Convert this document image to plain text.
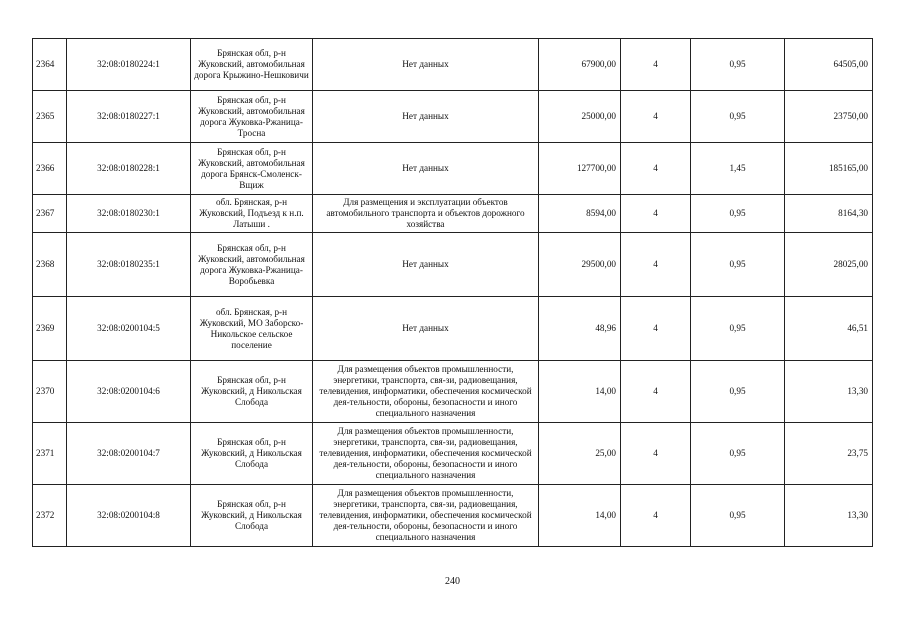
2364	32:08:0180224:1	Брянская обл, р-н Жуковский, автомобильная дорога Крыжино-Нешковичи	Нет данных	67900,00	4	0,95	64505,00
2365	32:08:0180227:1	Брянская обл, р-н Жуковский, автомобильная дорога Жуковка-Ржаница-Тросна	Нет данных	25000,00	4	0,95	23750,00
2366	32:08:0180228:1	Брянская обл, р-н Жуковский, автомобильная дорога Брянск-Смоленск-Вщиж	Нет данных	127700,00	4	1,45	185165,00
2367	32:08:0180230:1	обл. Брянская, р-н Жуковский, Подъезд к н.п. Латыши .	Для размещения и эксплуатации объектов автомобильного транспорта и объектов дорожного хозяйства	8594,00	4	0,95	8164,30
2368	32:08:0180235:1	Брянская обл, р-н Жуковский, автомобильная дорога Жуковка-Ржаница-Воробьевка	Нет данных	29500,00	4	0,95	28025,00
2369	32:08:0200104:5	обл. Брянская, р-н Жуковский, МО Заборско-Никольское сельское поселение	Нет данных	48,96	4	0,95	46,51
2370	32:08:0200104:6	Брянская обл, р-н Жуковский, д Никольская Слобода	Для размещения объектов промышленности, энергетики, транспорта, свя-зи, радиовещания, телевидения, информатики, обеспечения космической дея-тельности, обороны, безопасности и иного специального назначения	14,00	4	0,95	13,30
2371	32:08:0200104:7	Брянская обл, р-н Жуковский, д Никольская Слобода	Для размещения объектов промышленности, энергетики, транспорта, свя-зи, радиовещания, телевидения, информатики, обеспечения космической дея-тельности, обороны, безопасности и иного специального назначения	25,00	4	0,95	23,75
2372	32:08:0200104:8	Брянская обл, р-н Жуковский, д Никольская Слобода	Для размещения объектов промышленности, энергетики, транспорта, свя-зи, радиовещания, телевидения, информатики, обеспечения космической дея-тельности, обороны, безопасности и иного специального назначения	14,00	4	0,95	13,30
240
